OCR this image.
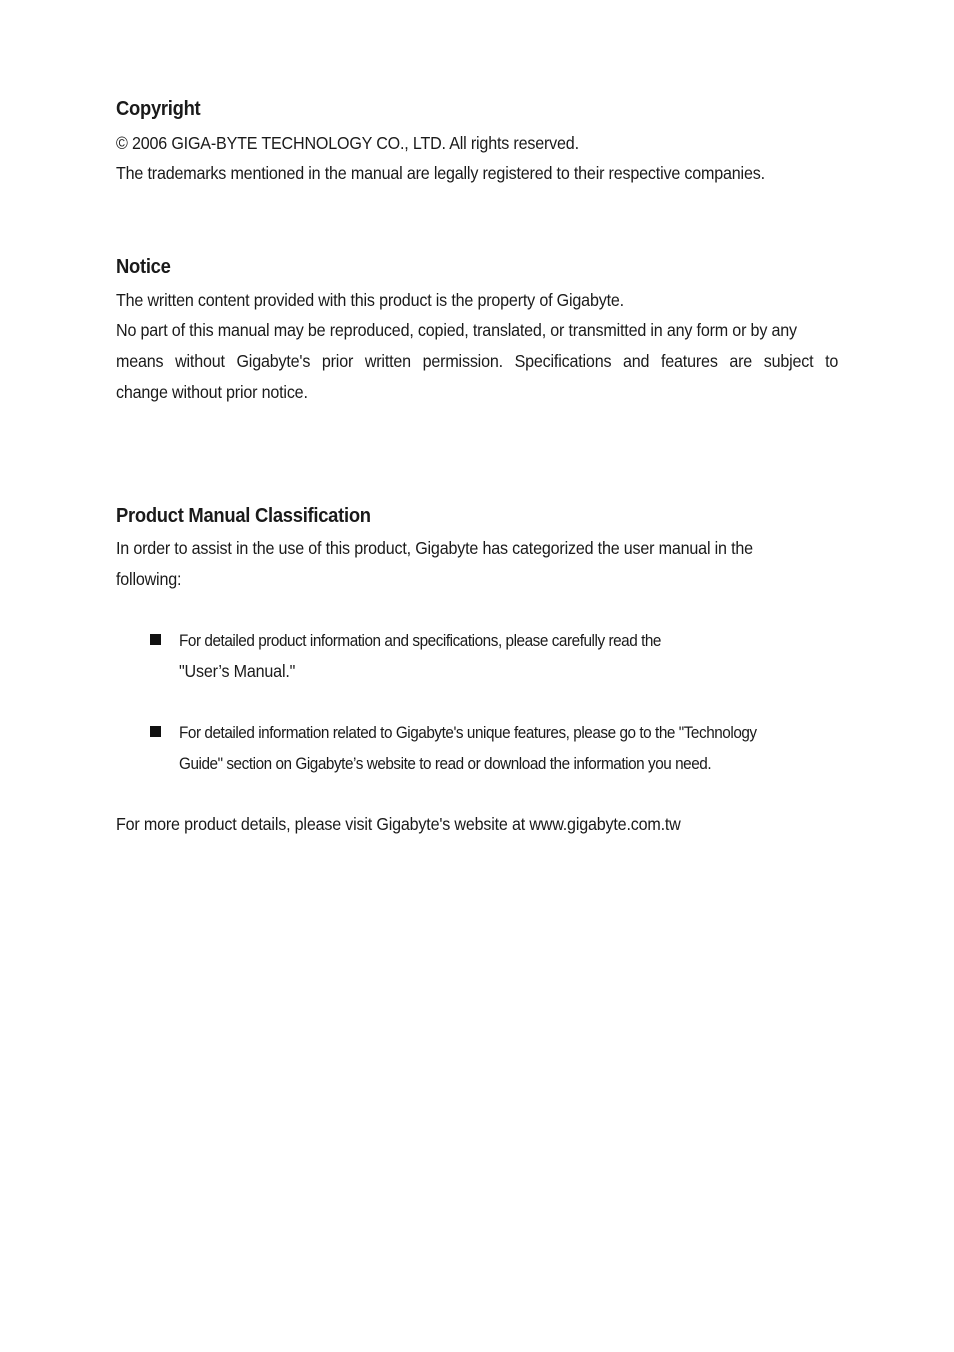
Copyright
© 2006 GIGA-BYTE TECHNOLOGY CO., LTD. All rights reserved.
The trademarks mentioned in the manual are legally registered to their respective companies.
Notice
The written content provided with this product is the property of Gigabyte.
No part of this manual may be reproduced, copied, translated, or transmitted in any form or by any
means without Gigabyte's prior written permission. Specifications and features are subject to
change without prior notice.
Product Manual Classification
In order to assist in the use of this product, Gigabyte has categorized the user manual in the
following:
For detailed product information and specifications, please carefully read the
"User’s Manual."
For detailed information related to Gigabyte's unique features, please go to the "Technology
Guide" section on Gigabyte’s website to read or download the information you need.
For more product details, please visit Gigabyte's website at www.gigabyte.com.tw
